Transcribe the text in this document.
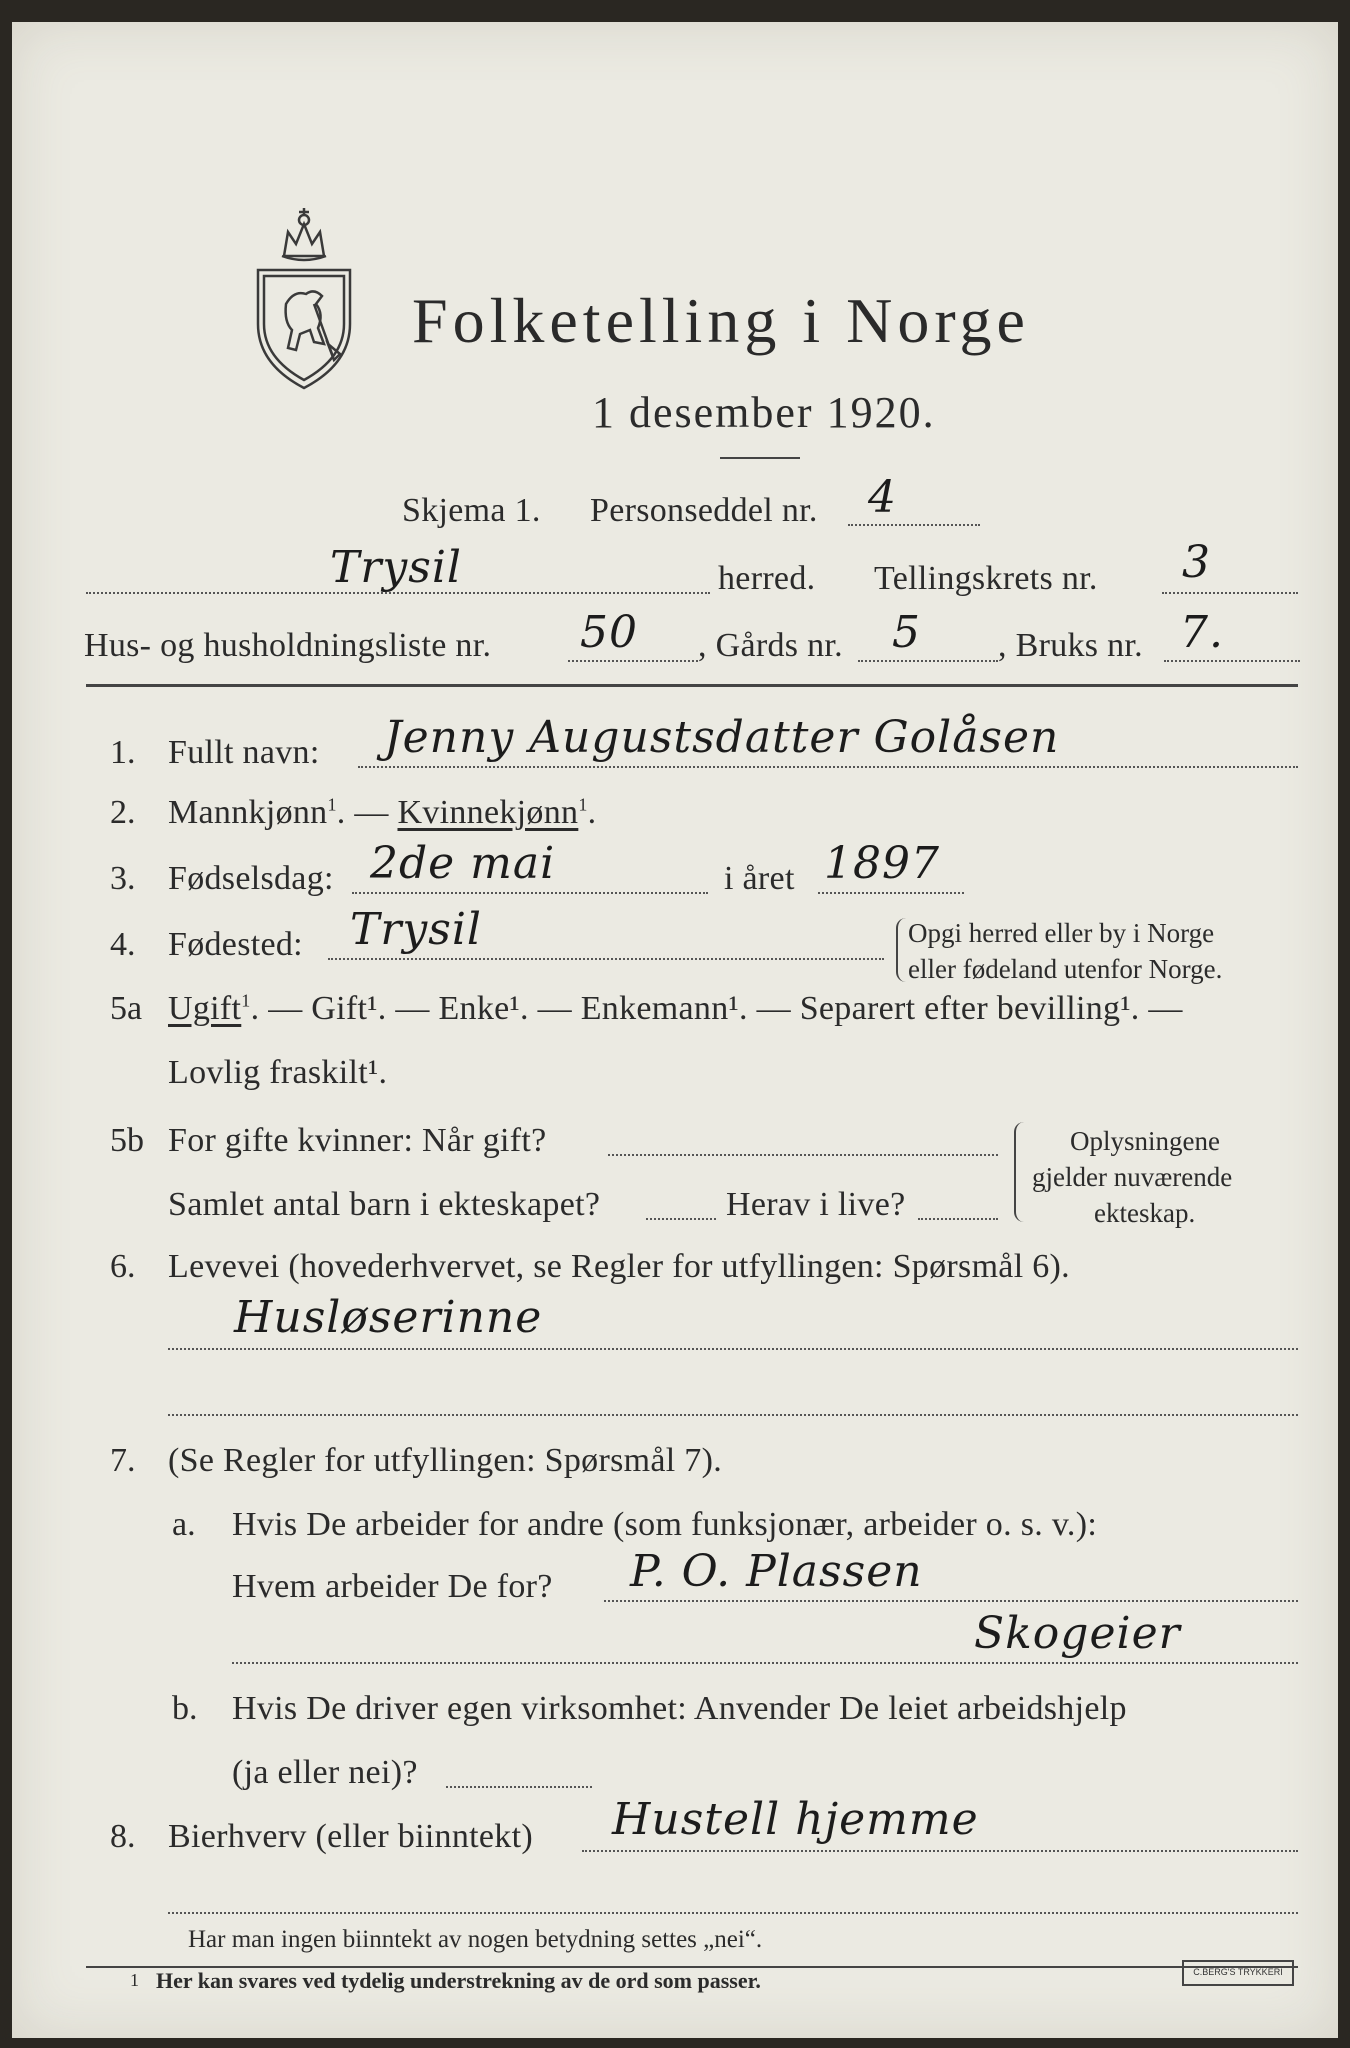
Folketelling i Norge
1 desember 1920.
Skjema 1. Personseddel nr. 4
Trysil	herred. Tellingskrets nr. 3
Hus- og husholdningsliste nr. 50 , Gårds nr. 5 , Bruks nr. 7.
1. Fullt navn: Jenny Augustsdatter Golåsen
2. Mannkjønn$^1$. — Kvinnekjønn$^1$.
3. Fødselsdag: 2de mai	i året 1897
4. Fødested: Trysil	Opgi herred eller by i Norge
eller fødeland utenfor Norge.
5a Ugift$^1$. — Gift¹. — Enke¹. — Enkemann¹. — Separert efter bevilling¹. —
Lovlig fraskilt¹.
5b For gifte kvinner: Når gift?
Samlet antal barn i ekteskapet?	Herav i live?
Oplysningene
gjelder nuværende
ekteskap.
6. Levevei (hovederhvervet, se Regler for utfyllingen: Spørsmål 6).
Husløserinne
7. (Se Regler for utfyllingen: Spørsmål 7).
a. Hvis De arbeider for andre (som funksjonær, arbeider o. s. v.):
Hvem arbeider De for? P. O. Plassen
Skogeier
b. Hvis De driver egen virksomhet: Anvender De leiet arbeidshjelp
(ja eller nei)?
8. Bierhverv (eller biinntekt) Hustell hjemme
Har man ingen biinntekt av nogen betydning settes „nei“.
1 Her kan svares ved tydelig understrekning av de ord som passer.	C.BERG'S TRYKKERI
